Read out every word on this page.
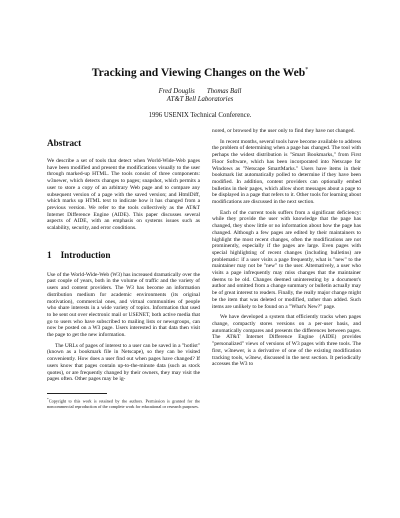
Tracking and Viewing Changes on the Web*
Fred Douglis Thomas Ball
AT&T Bell Laboratories
1996 USENIX Technical Conference.
Abstract

We describe a set of tools that detect when World-Wide-Web pages have been modified and present the modifications visually to the user through marked-up HTML. The tools consist of three components: w3newer, which detects changes to pages; snapshot, which permits a user to store a copy of an arbitrary Web page and to compare any subsequent version of a page with the saved version; and HtmlDiff, which marks up HTML text to indicate how it has changed from a previous version. We refer to the tools collectively as the AT&T Internet Difference Engine (AIDE). This paper discusses several aspects of AIDE, with an emphasis on systems issues such as scalability, security, and error conditions.

1 Introduction

Use of the World-Wide-Web (W3) has increased dramatically over the past couple of years, both in the volume of traffic and the variety of users and content providers. The W3 has become an information distribution medium for academic environments (its original motivation), commercial ones, and virtual communities of people who share interests in a wide variety of topics. Information that used to be sent out over electronic mail or USENET, both active media that go to users who have subscribed to mailing lists or newsgroups, can now be posted on a W3 page. Users interested in that data then visit the page to get the new information.

The URLs of pages of interest to a user can be saved in a "hotlist" (known as a bookmark file in Netscape), so they can be visited conveniently. How does a user find out when pages have changed? If users know that pages contain up-to-the-minute data (such as stock quotes), or are frequently changed by their owners, they may visit the pages often. Other pages may be ig-

*Copyright to this work is retained by the authors. Permission is granted for the noncommercial reproduction of the complete work for educational or research purposes.

nored, or browsed by the user only to find they have not changed.

In recent months, several tools have become available to address the problem of determining when a page has changed. The tool with perhaps the widest distribution is "Smart Bookmarks," from First Floor Software, which has been incorporated into Netscape for Windows as "Netscape SmartMarks." Users have items in their bookmark list automatically polled to determine if they have been modified. In addition, content providers can optionally embed bulletins in their pages, which allow short messages about a page to be displayed in a page that refers to it. Other tools for learning about modifications are discussed in the next section.

Each of the current tools suffers from a significant deficiency: while they provide the user with knowledge that the page has changed, they show little or no information about how the page has changed. Although a few pages are edited by their maintainers to highlight the most recent changes, often the modifications are not prominently, especially if the pages are large. Even pages with special highlighting of recent changes (including bulletins) are problematic: if a user visits a page frequently, what is "new" to the maintainer may not be "new" to the user. Alternatively, a user who visits a page infrequently may miss changes that the maintainer deems to be old. Changes deemed uninteresting by a document's author and omitted from a change summary or bulletin actually may be of great interest to readers. Finally, the really major change might be the item that was deleted or modified, rather than added. Such items are unlikely to be found on a "What's New?" page.

We have developed a system that efficiently tracks when pages change, compactly stores versions on a per-user basis, and automatically compares and presents the differences between pages. The AT&T Internet Difference Engine (AIDE) provides "personalized" views of versions of W3 pages with three tools. The first, w3newer, is a derivative of one of the existing modification tracking tools, w3new, discussed in the next section. It periodically accesses the W3 to
